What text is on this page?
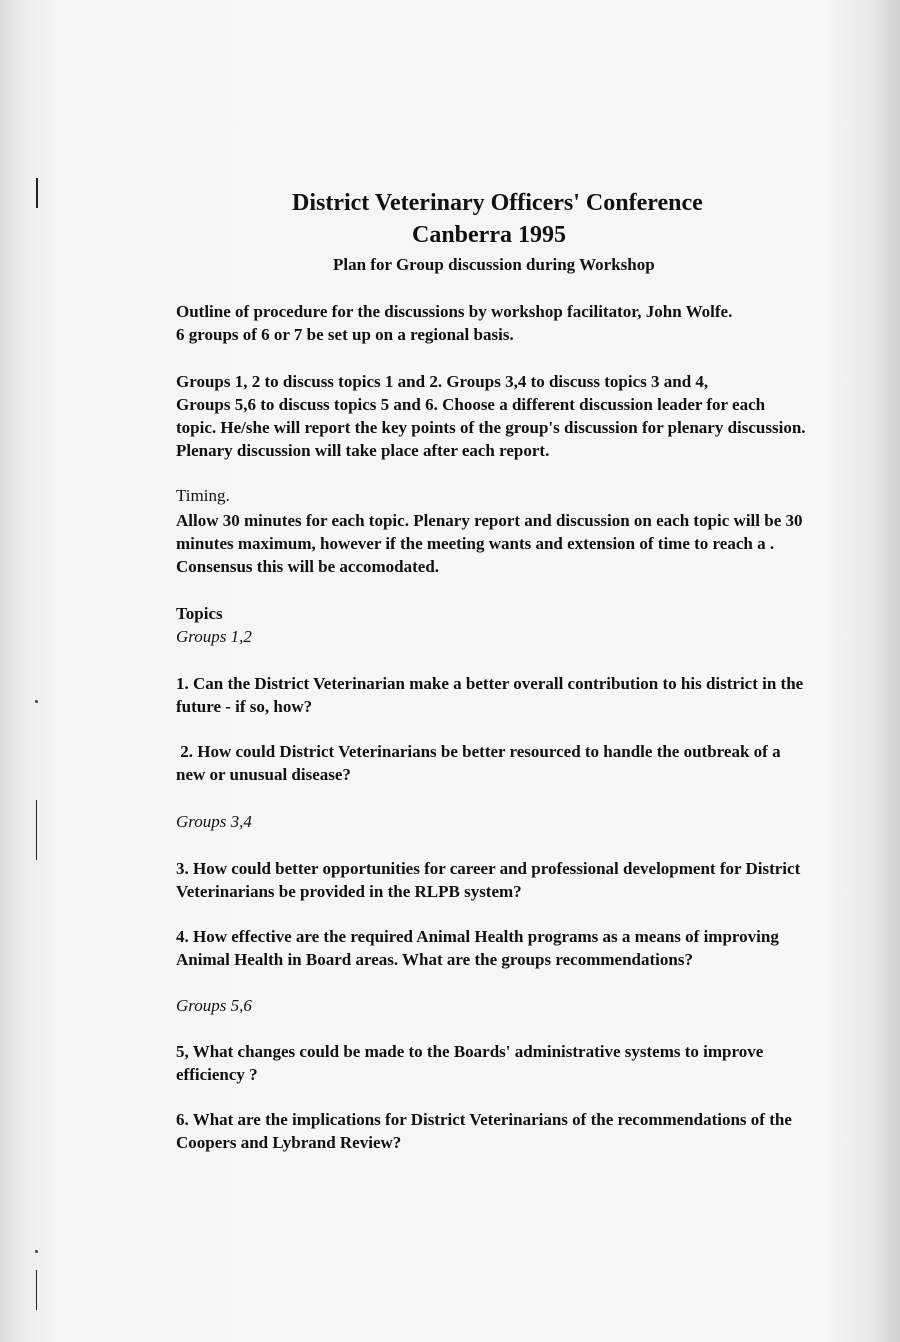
District Veterinary Officers' Conference
Canberra 1995
Plan for Group discussion during Workshop

Outline of procedure for the discussions by workshop facilitator, John Wolfe.

6 groups of 6 or 7 be set up on a regional basis.

Groups 1, 2 to discuss topics 1 and 2. Groups 3,4 to discuss topics 3 and 4,

Groups 5,6 to discuss topics 5 and 6. Choose a different discussion leader for each

topic. He/she will report the key points of the group's discussion for plenary discussion.

Plenary discussion will take place after each report.

Timing.

Allow 30 minutes for each topic. Plenary report and discussion on each topic will be 30

minutes maximum, however if the meeting wants and extension of time to reach a .

Consensus this will be accomodated.

Topics
Groups 1,2

1. Can the District Veterinarian make a better overall contribution to his district in the

future - if so, how?

2. How could District Veterinarians be better resourced to handle the outbreak of a

new or unusual disease?

Groups 3,4

3. How could better opportunities for career and professional development for District

Veterinarians be provided in the RLPB system?

4. How effective are the required Animal Health programs as a means of improving

Animal Health in Board areas. What are the groups recommendations?

Groups 5,6

5, What changes could be made to the Boards' administrative systems to improve

efficiency ?

6. What are the implications for District Veterinarians of the recommendations of the

Coopers and Lybrand Review?
